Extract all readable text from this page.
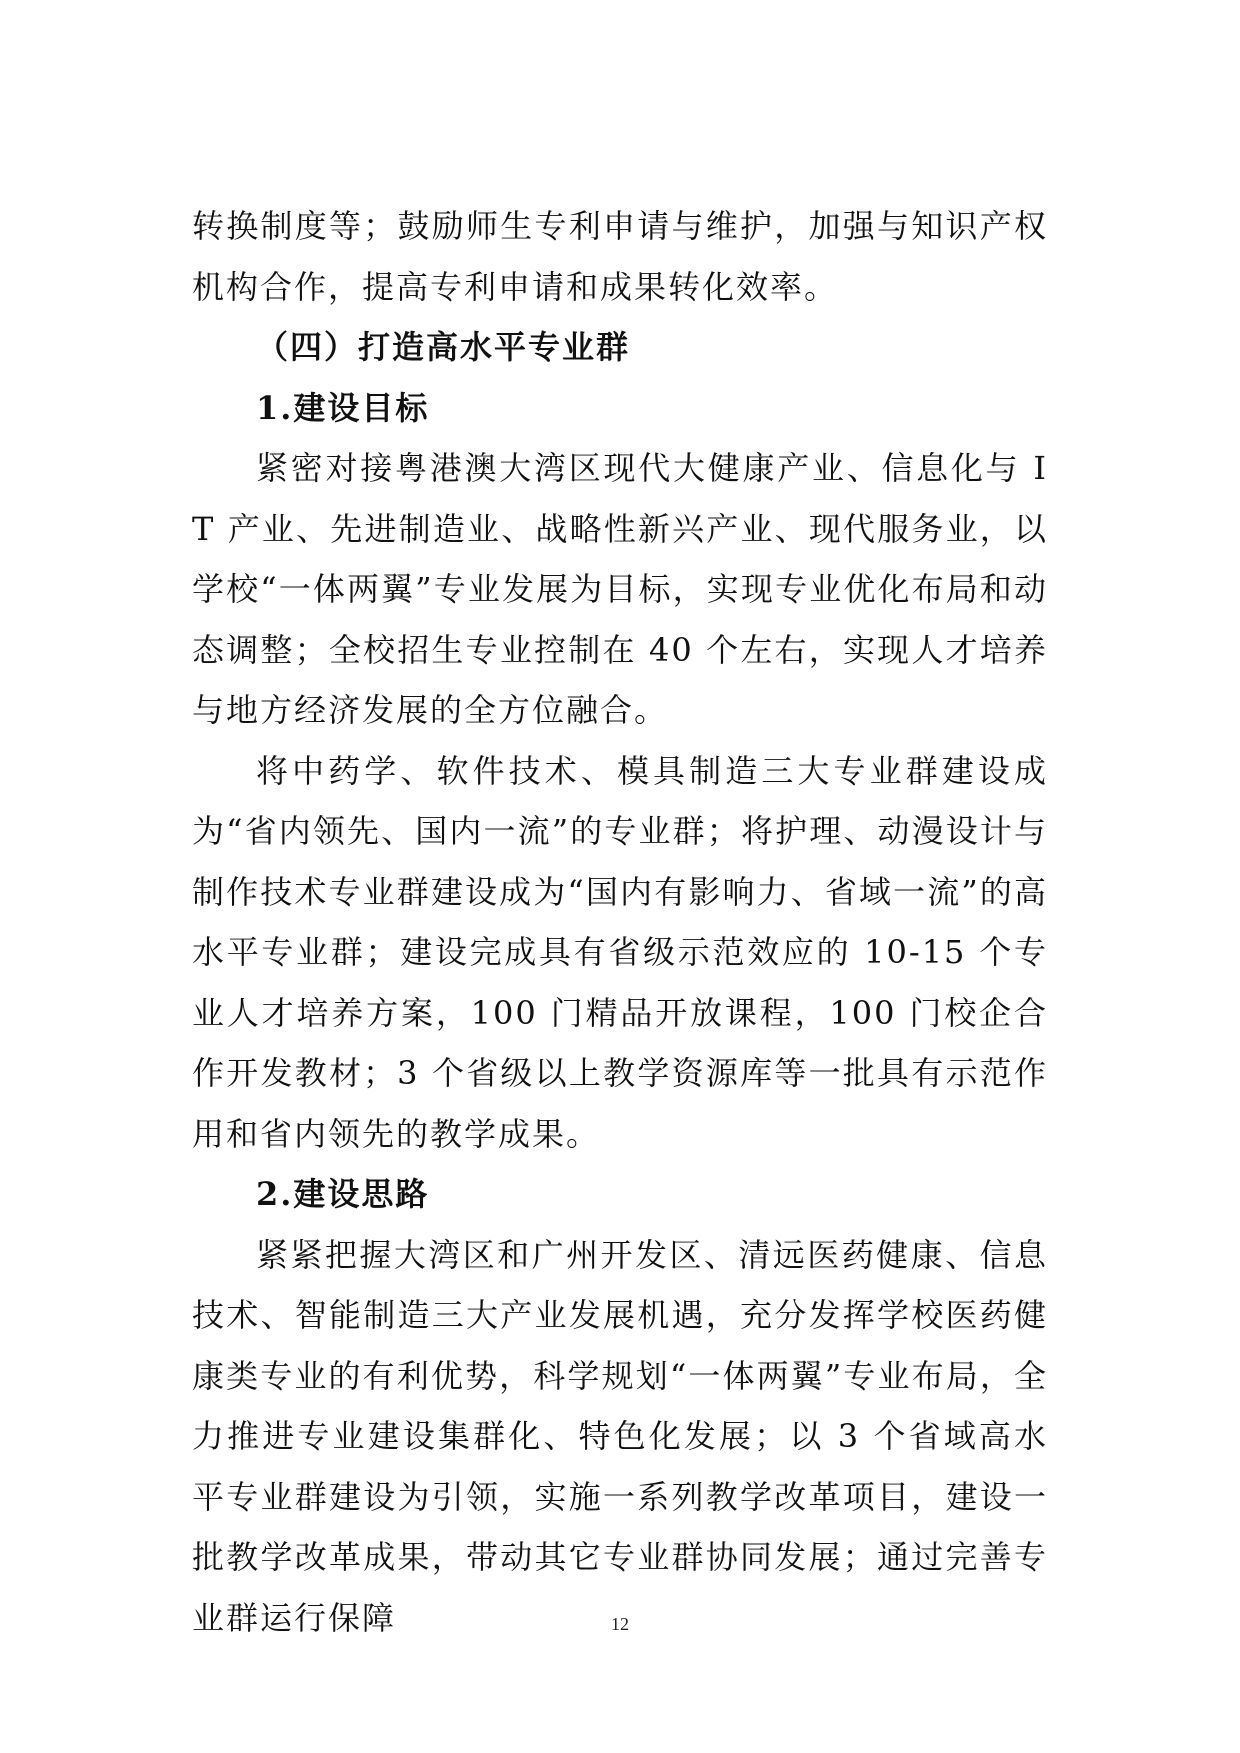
转换制度等；鼓励师生专利申请与维护，加强与知识产权机构合作，提高专利申请和成果转化效率。

（四）打造高水平专业群
1.建设目标

紧密对接粤港澳大湾区现代大健康产业、信息化与 IT 产业、先进制造业、战略性新兴产业、现代服务业，以学校“一体两翼”专业发展为目标，实现专业优化布局和动态调整；全校招生专业控制在 40 个左右，实现人才培养与地方经济发展的全方位融合。

将中药学、软件技术、模具制造三大专业群建设成为“省内领先、国内一流”的专业群；将护理、动漫设计与制作技术专业群建设成为“国内有影响力、省域一流”的高水平专业群；建设完成具有省级示范效应的 10-15 个专业人才培养方案，100 门精品开放课程，100 门校企合作开发教材；3 个省级以上教学资源库等一批具有示范作用和省内领先的教学成果。

2.建设思路

紧紧把握大湾区和广州开发区、清远医药健康、信息技术、智能制造三大产业发展机遇，充分发挥学校医药健康类专业的有利优势，科学规划“一体两翼”专业布局，全力推进专业建设集群化、特色化发展；以 3 个省域高水平专业群建设为引领，实施一系列教学改革项目，建设一批教学改革成果，带动其它专业群协同发展；通过完善专业群运行保障	12
